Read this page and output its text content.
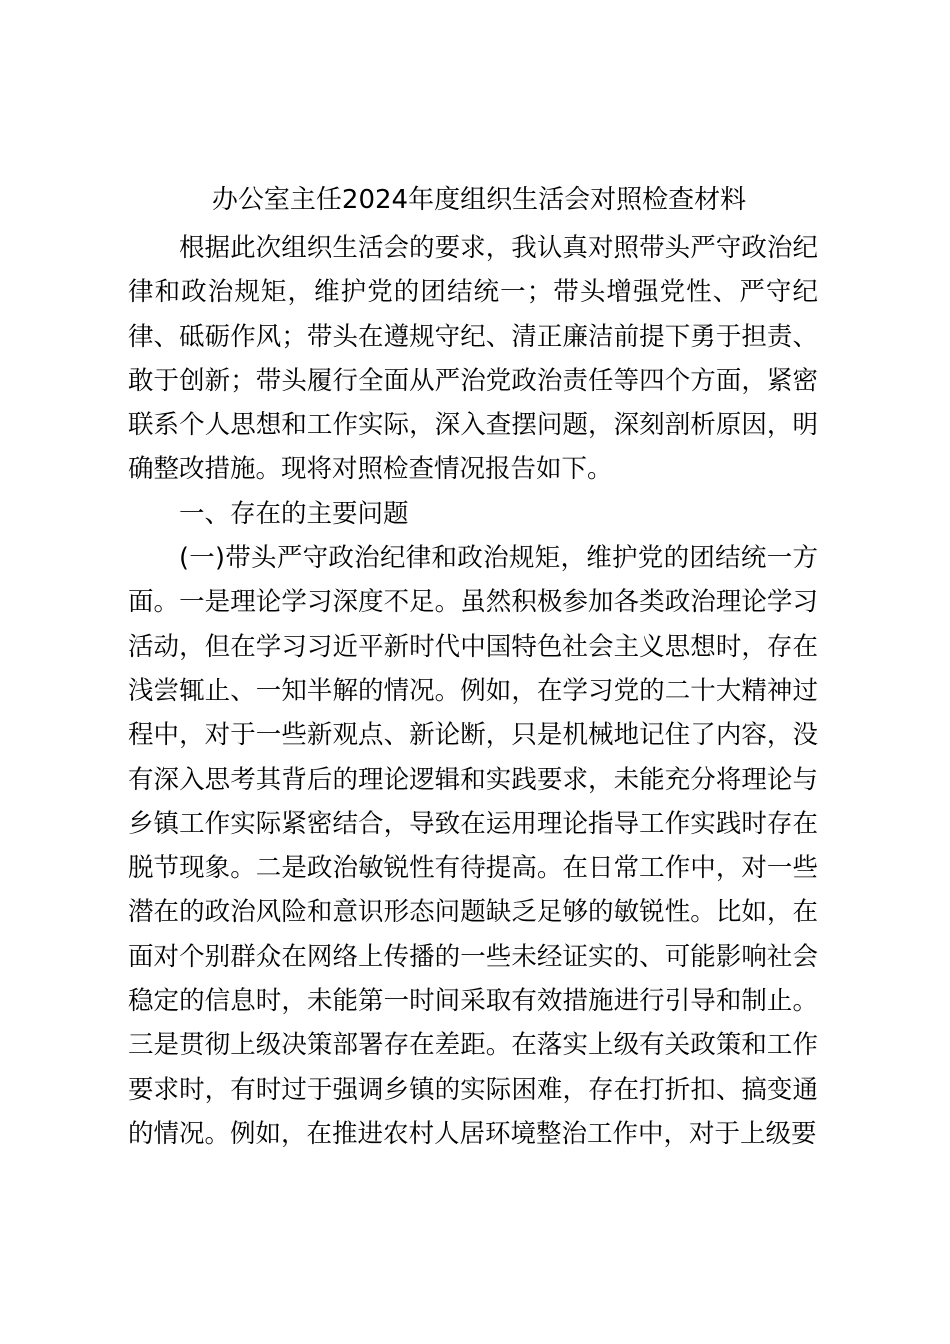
办公室主任2024年度组织生活会对照检查材料

根据此次组织生活会的要求，我认真对照带头严守政治纪律和政治规矩，维护党的团结统一；带头增强党性、严守纪律、砥砺作风；带头在遵规守纪、清正廉洁前提下勇于担责、敢于创新；带头履行全面从严治党政治责任等四个方面，紧密联系个人思想和工作实际，深入查摆问题，深刻剖析原因，明确整改措施。现将对照检查情况报告如下。

一、存在的主要问题

(一)带头严守政治纪律和政治规矩，维护党的团结统一方面。一是理论学习深度不足。虽然积极参加各类政治理论学习活动，但在学习习近平新时代中国特色社会主义思想时，存在浅尝辄止、一知半解的情况。例如，在学习党的二十大精神过程中，对于一些新观点、新论断，只是机械地记住了内容，没有深入思考其背后的理论逻辑和实践要求，未能充分将理论与乡镇工作实际紧密结合，导致在运用理论指导工作实践时存在脱节现象。二是政治敏锐性有待提高。在日常工作中，对一些潜在的政治风险和意识形态问题缺乏足够的敏锐性。比如，在面对个别群众在网络上传播的一些未经证实的、可能影响社会稳定的信息时，未能第一时间采取有效措施进行引导和制止。三是贯彻上级决策部署存在差距。在落实上级有关政策和工作要求时，有时过于强调乡镇的实际困难，存在打折扣、搞变通的情况。例如，在推进农村人居环境整治工作中，对于上级要
